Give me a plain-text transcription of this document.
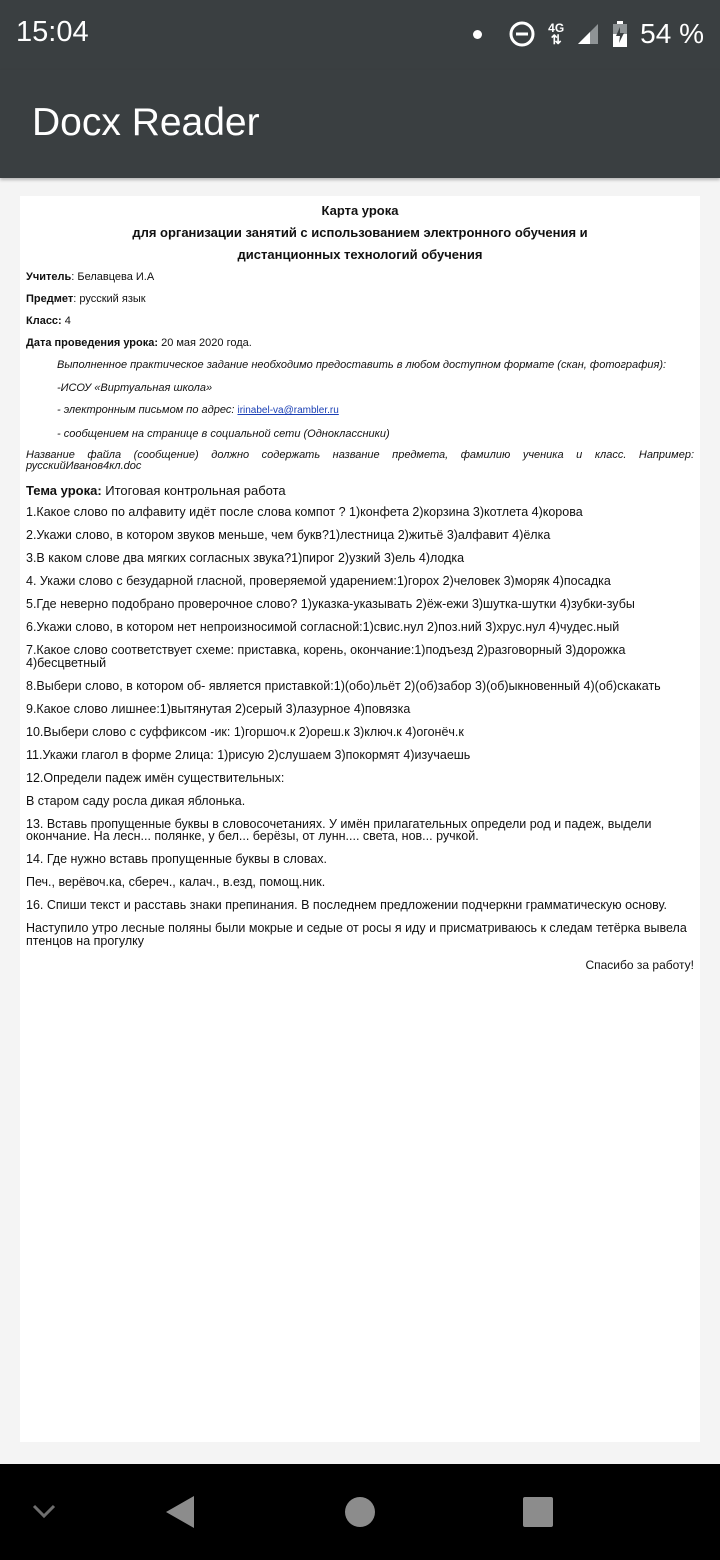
15:04	4G
⇅	54 %
Docx Reader
Карта урока
для организации занятий с использованием электронного обучения и
дистанционных технологий обучения
Учитель: Белавцева И.А
Предмет: русский язык
Класс: 4
Дата проведения урока: 20 мая 2020 года.
Выполненное практическое задание необходимо предоставить в любом доступном формате (скан, фотография):
-ИСОУ «Виртуальная школа»
- электронным письмом по адрес: irinabel-va@rambler.ru
- сообщением на странице в социальной сети (Одноклассники)
Название файла (сообщение) должно содержать название предмета, фамилию ученика и класс. Например: русскийИванов4кл.doc
Тема урока: Итоговая контрольная работа
1.Какое слово по алфавиту идёт после слова компот ? 1)конфета 2)корзина 3)котлета 4)корова
2.Укажи слово, в котором звуков меньше, чем букв?1)лестница 2)житьё 3)алфавит 4)ёлка
3.В каком слове два мягких согласных звука?1)пирог 2)узкий 3)ель 4)лодка
4. Укажи слово с безударной гласной, проверяемой ударением:1)горох 2)человек 3)моряк 4)посадка
5.Где неверно подобрано проверочное слово? 1)указка-указывать 2)ёж-ежи 3)шутка-шутки 4)зубки-зубы
6.Укажи слово, в котором нет непроизносимой согласной:1)свис.нул 2)поз.ний 3)хрус.нул 4)чудес.ный
7.Какое слово соответствует схеме: приставка, корень, окончание:1)подъезд 2)разговорный 3)дорожка 4)бесцветный
8.Выбери слово, в котором об- является приставкой:1)(обо)льёт 2)(об)забор 3)(об)ыкновенный 4)(об)скакать
9.Какое слово лишнее:1)вытянутая 2)серый 3)лазурное 4)повязка
10.Выбери слово с суффиксом -ик: 1)горшоч.к 2)ореш.к 3)ключ.к 4)огонёч.к
11.Укажи глагол в форме 2лица: 1)рисую 2)слушаем 3)покормят 4)изучаешь
12.Определи падеж имён существительных:
В старом саду росла дикая яблонька.
13. Вставь пропущенные буквы в словосочетаниях. У имён прилагательных определи род и падеж, выдели окончание. На лесн... полянке, у бел... берёзы, от лунн.... света, нов... ручкой.
14. Где нужно вставь пропущенные буквы в словах.
Печ., верёвоч.ка, сбереч., калач., в.езд, помощ.ник.
16. Спиши текст и расставь знаки препинания. В последнем предложении подчеркни грамматическую основу.
Наступило утро лесные поляны были мокрые и седые от росы я иду и присматриваюсь к следам тетёрка вывела птенцов на прогулку
Спасибо за работу!
